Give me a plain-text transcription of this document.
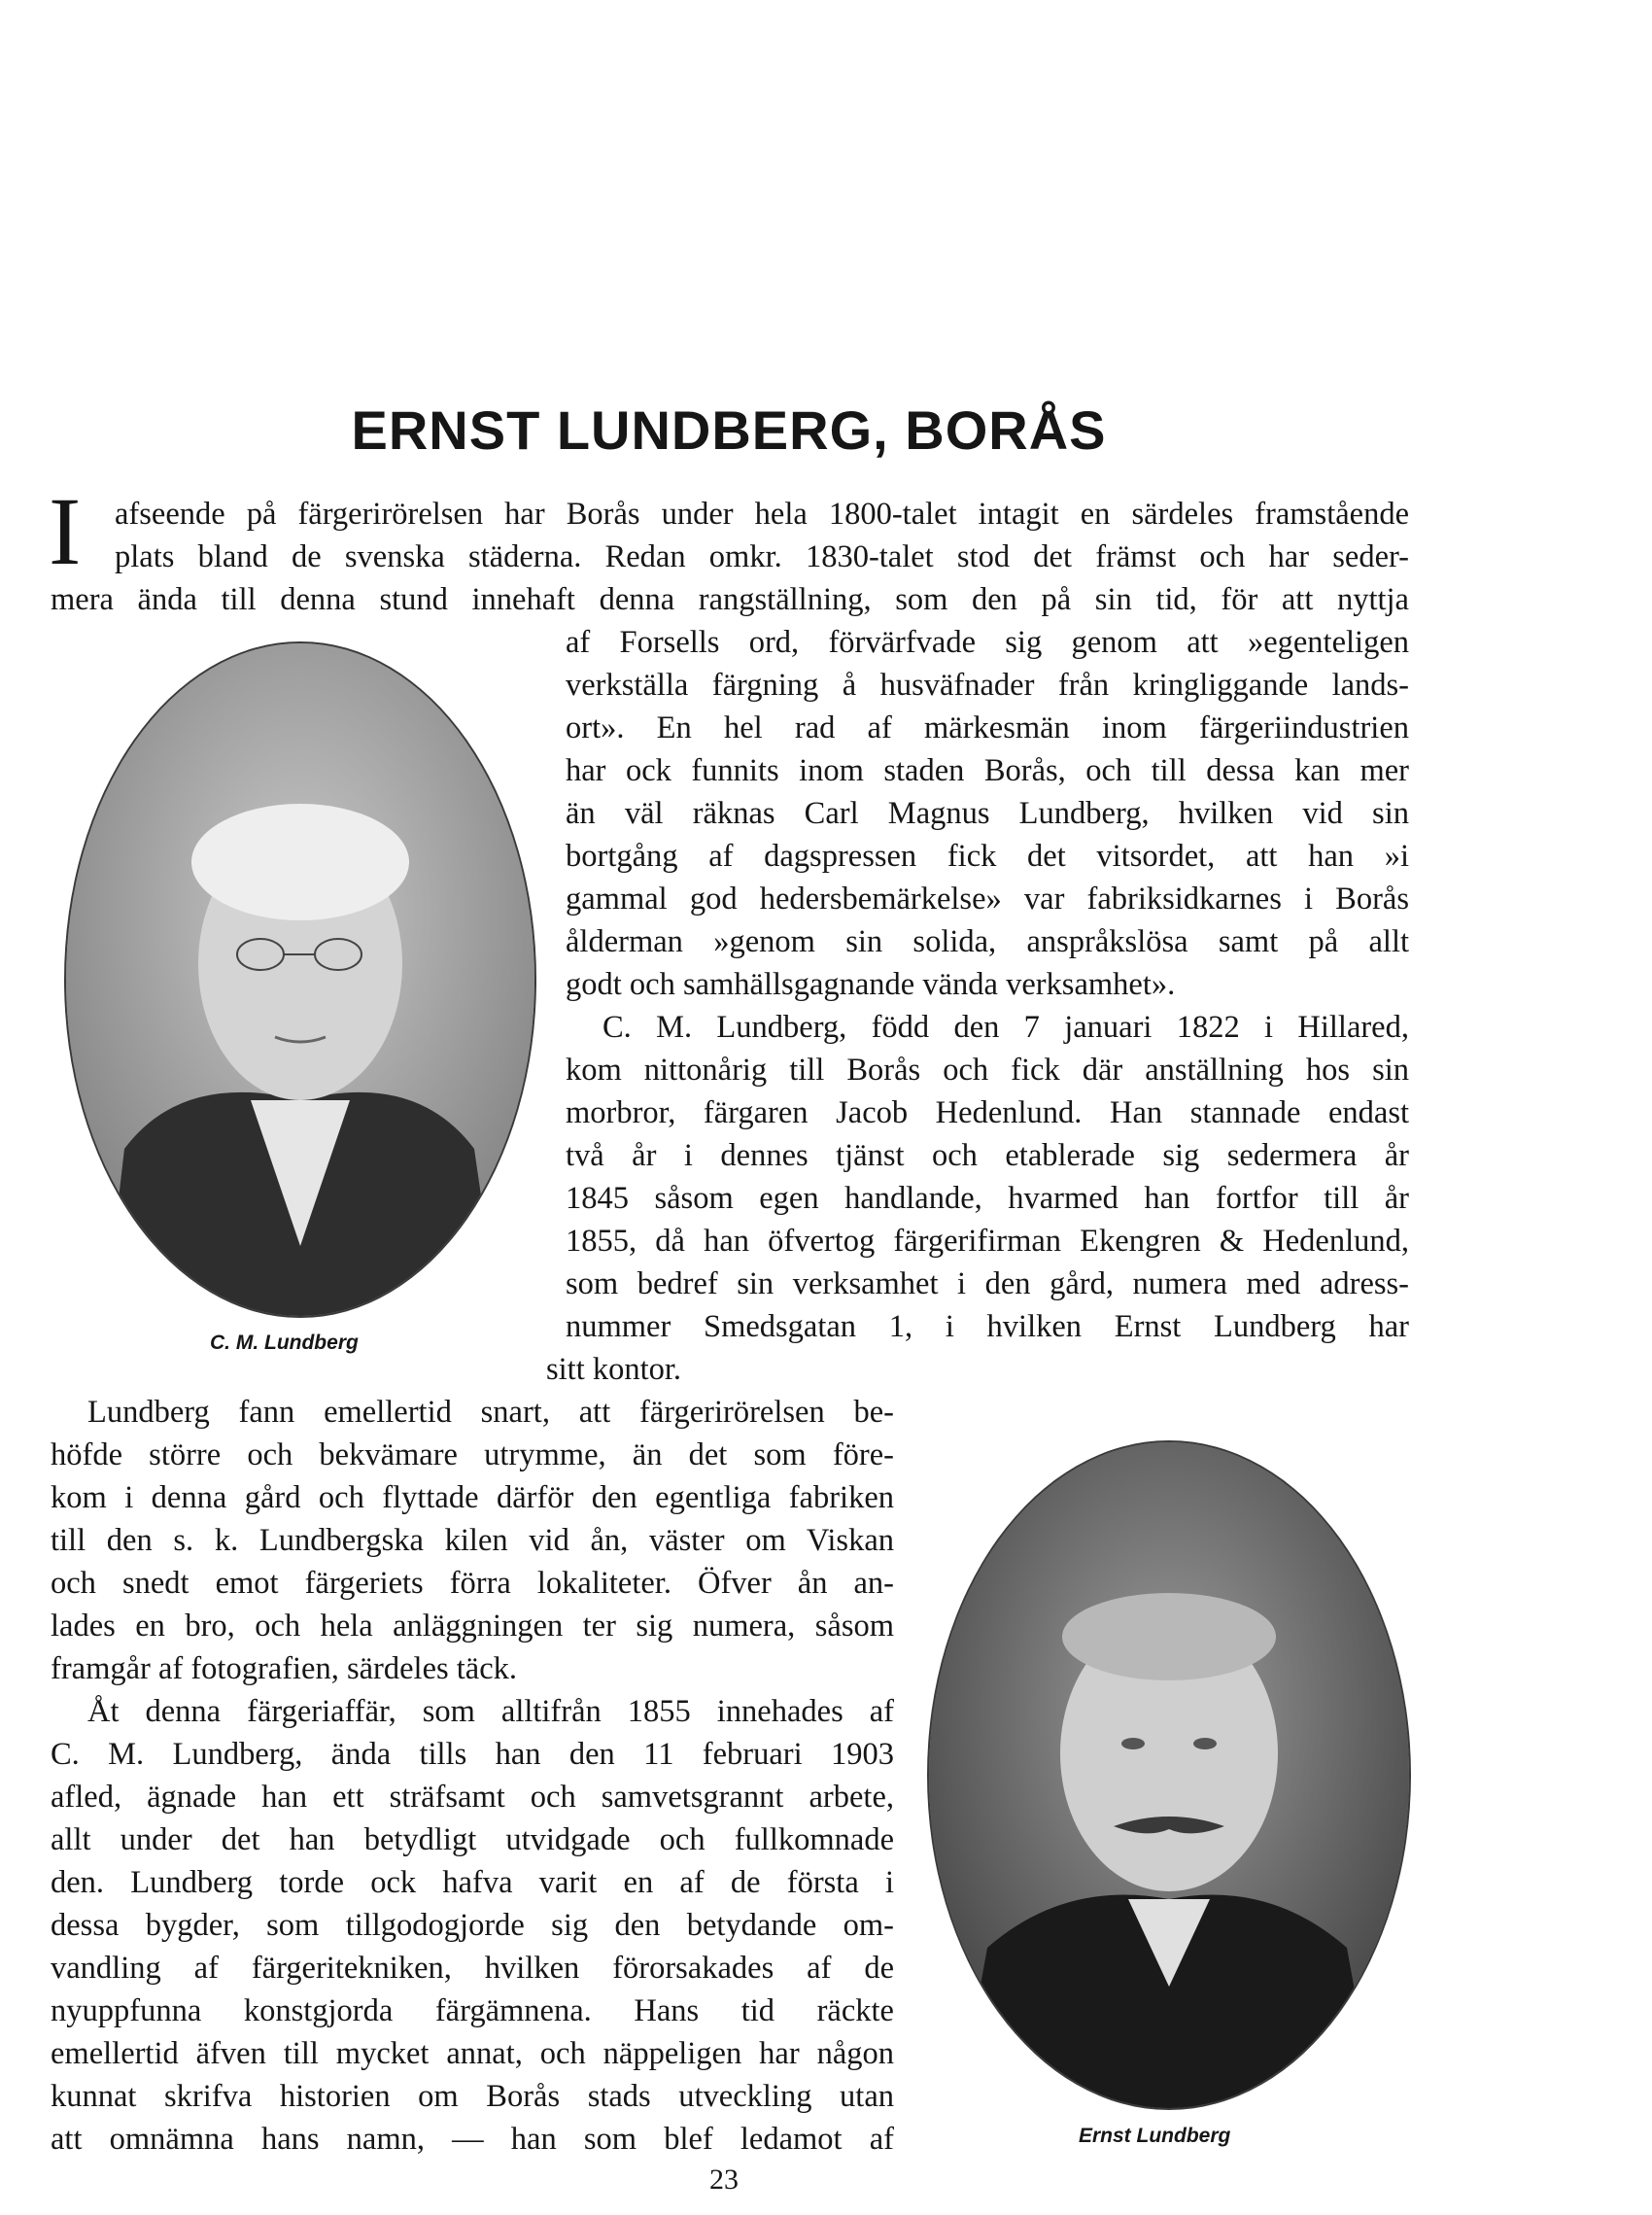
ERNST LUNDBERG, BORÅS
I afseende på färgerirörelsen har Borås under hela 1800-talet intagit en särdeles framstående
plats bland de svenska städerna. Redan omkr. 1830-talet stod det främst och har seder-
mera ända till denna stund innehaft denna rangställning, som den på sin tid, för att nyttja
C. M. Lundberg
af Forsells ord, förvärfvade sig genom att »egenteligen
verkställa färgning å husväfnader från kringliggande lands-
ort». En hel rad af märkesmän inom färgeriindustrien
har ock funnits inom staden Borås, och till dessa kan mer
än väl räknas Carl Magnus Lundberg, hvilken vid sin
bortgång af dagspressen fick det vitsordet, att han »i
gammal god hedersbemärkelse» var fabriksidkarnes i Borås
ålderman »genom sin solida, anspråkslösa samt på allt
godt och samhällsgagnande vända verksamhet».
C. M. Lundberg, född den 7 januari 1822 i Hillared,
kom nittonårig till Borås och fick där anställning hos sin
morbror, färgaren Jacob Hedenlund. Han stannade endast
två år i dennes tjänst och etablerade sig sedermera år
1845 såsom egen handlande, hvarmed han fortfor till år
1855, då han öfvertog färgerifirman Ekengren & Hedenlund,
som bedref sin verksamhet i den gård, numera med adress-
nummer Smedsgatan 1, i hvilken Ernst Lundberg har
sitt kontor.
Lundberg fann emellertid snart, att färgerirörelsen be-
höfde större och bekvämare utrymme, än det som före-
kom i denna gård och flyttade därför den egentliga fabriken
till den s. k. Lundbergska kilen vid ån, väster om Viskan
och snedt emot färgeriets förra lokaliteter. Öfver ån an-
lades en bro, och hela anläggningen ter sig numera, såsom
framgår af fotografien, särdeles täck.
Åt denna färgeriaffär, som alltifrån 1855 innehades af
C. M. Lundberg, ända tills han den 11 februari 1903
afled, ägnade han ett sträfsamt och samvetsgrannt arbete,
allt under det han betydligt utvidgade och fullkomnade
den. Lundberg torde ock hafva varit en af de första i
dessa bygder, som tillgodogjorde sig den betydande om-
vandling af färgeritekniken, hvilken förorsakades af de
nyuppfunna konstgjorda färgämnena. Hans tid räckte
emellertid äfven till mycket annat, och näppeligen har någon
kunnat skrifva historien om Borås stads utveckling utan
att omnämna hans namn, — han som blef ledamot af	Ernst Lundberg
23
